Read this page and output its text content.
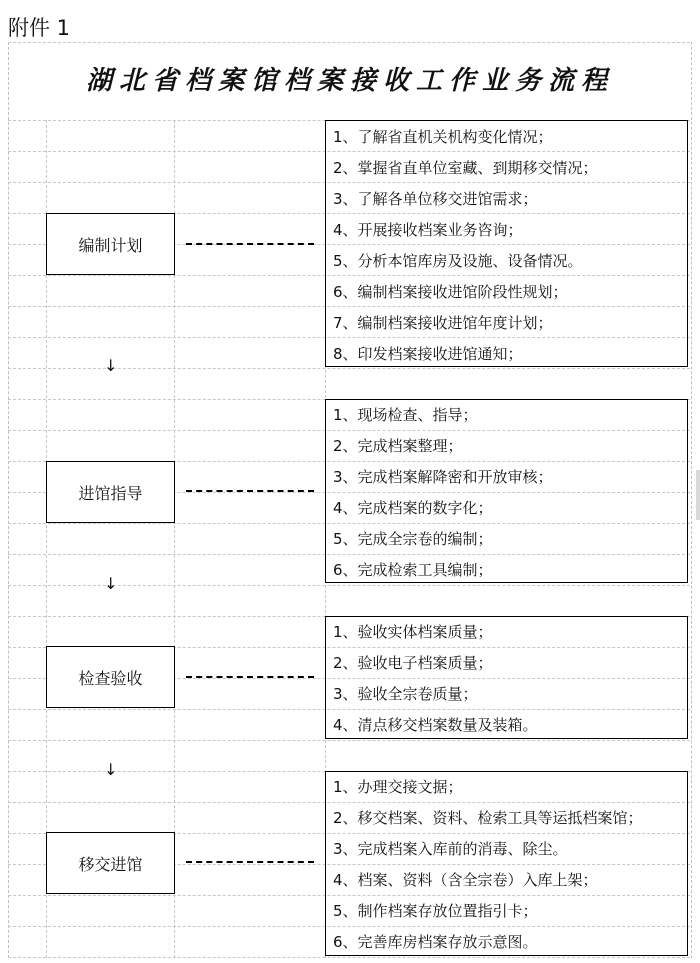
附件 1
湖北省档案馆档案接收工作业务流程
编制计划
1、了解省直机关机构变化情况；
2、掌握省直单位室藏、到期移交情况；
3、了解各单位移交进馆需求；
4、开展接收档案业务咨询；
5、分析本馆库房及设施、设备情况。
6、编制档案接收进馆阶段性规划；
7、编制档案接收进馆年度计划；
8、印发档案接收进馆通知；
↓
进馆指导
1、现场检查、指导；
2、完成档案整理；
3、完成档案解降密和开放审核；
4、完成档案的数字化；
5、完成全宗卷的编制；
6、完成检索工具编制；
↓
检查验收
1、验收实体档案质量；
2、验收电子档案质量；
3、验收全宗卷质量；
4、清点移交档案数量及装箱。
↓
移交进馆
1、办理交接文据；
2、移交档案、资料、检索工具等运抵档案馆；
3、完成档案入库前的消毒、除尘。
4、档案、资料（含全宗卷）入库上架；
5、制作档案存放位置指引卡；
6、完善库房档案存放示意图。
